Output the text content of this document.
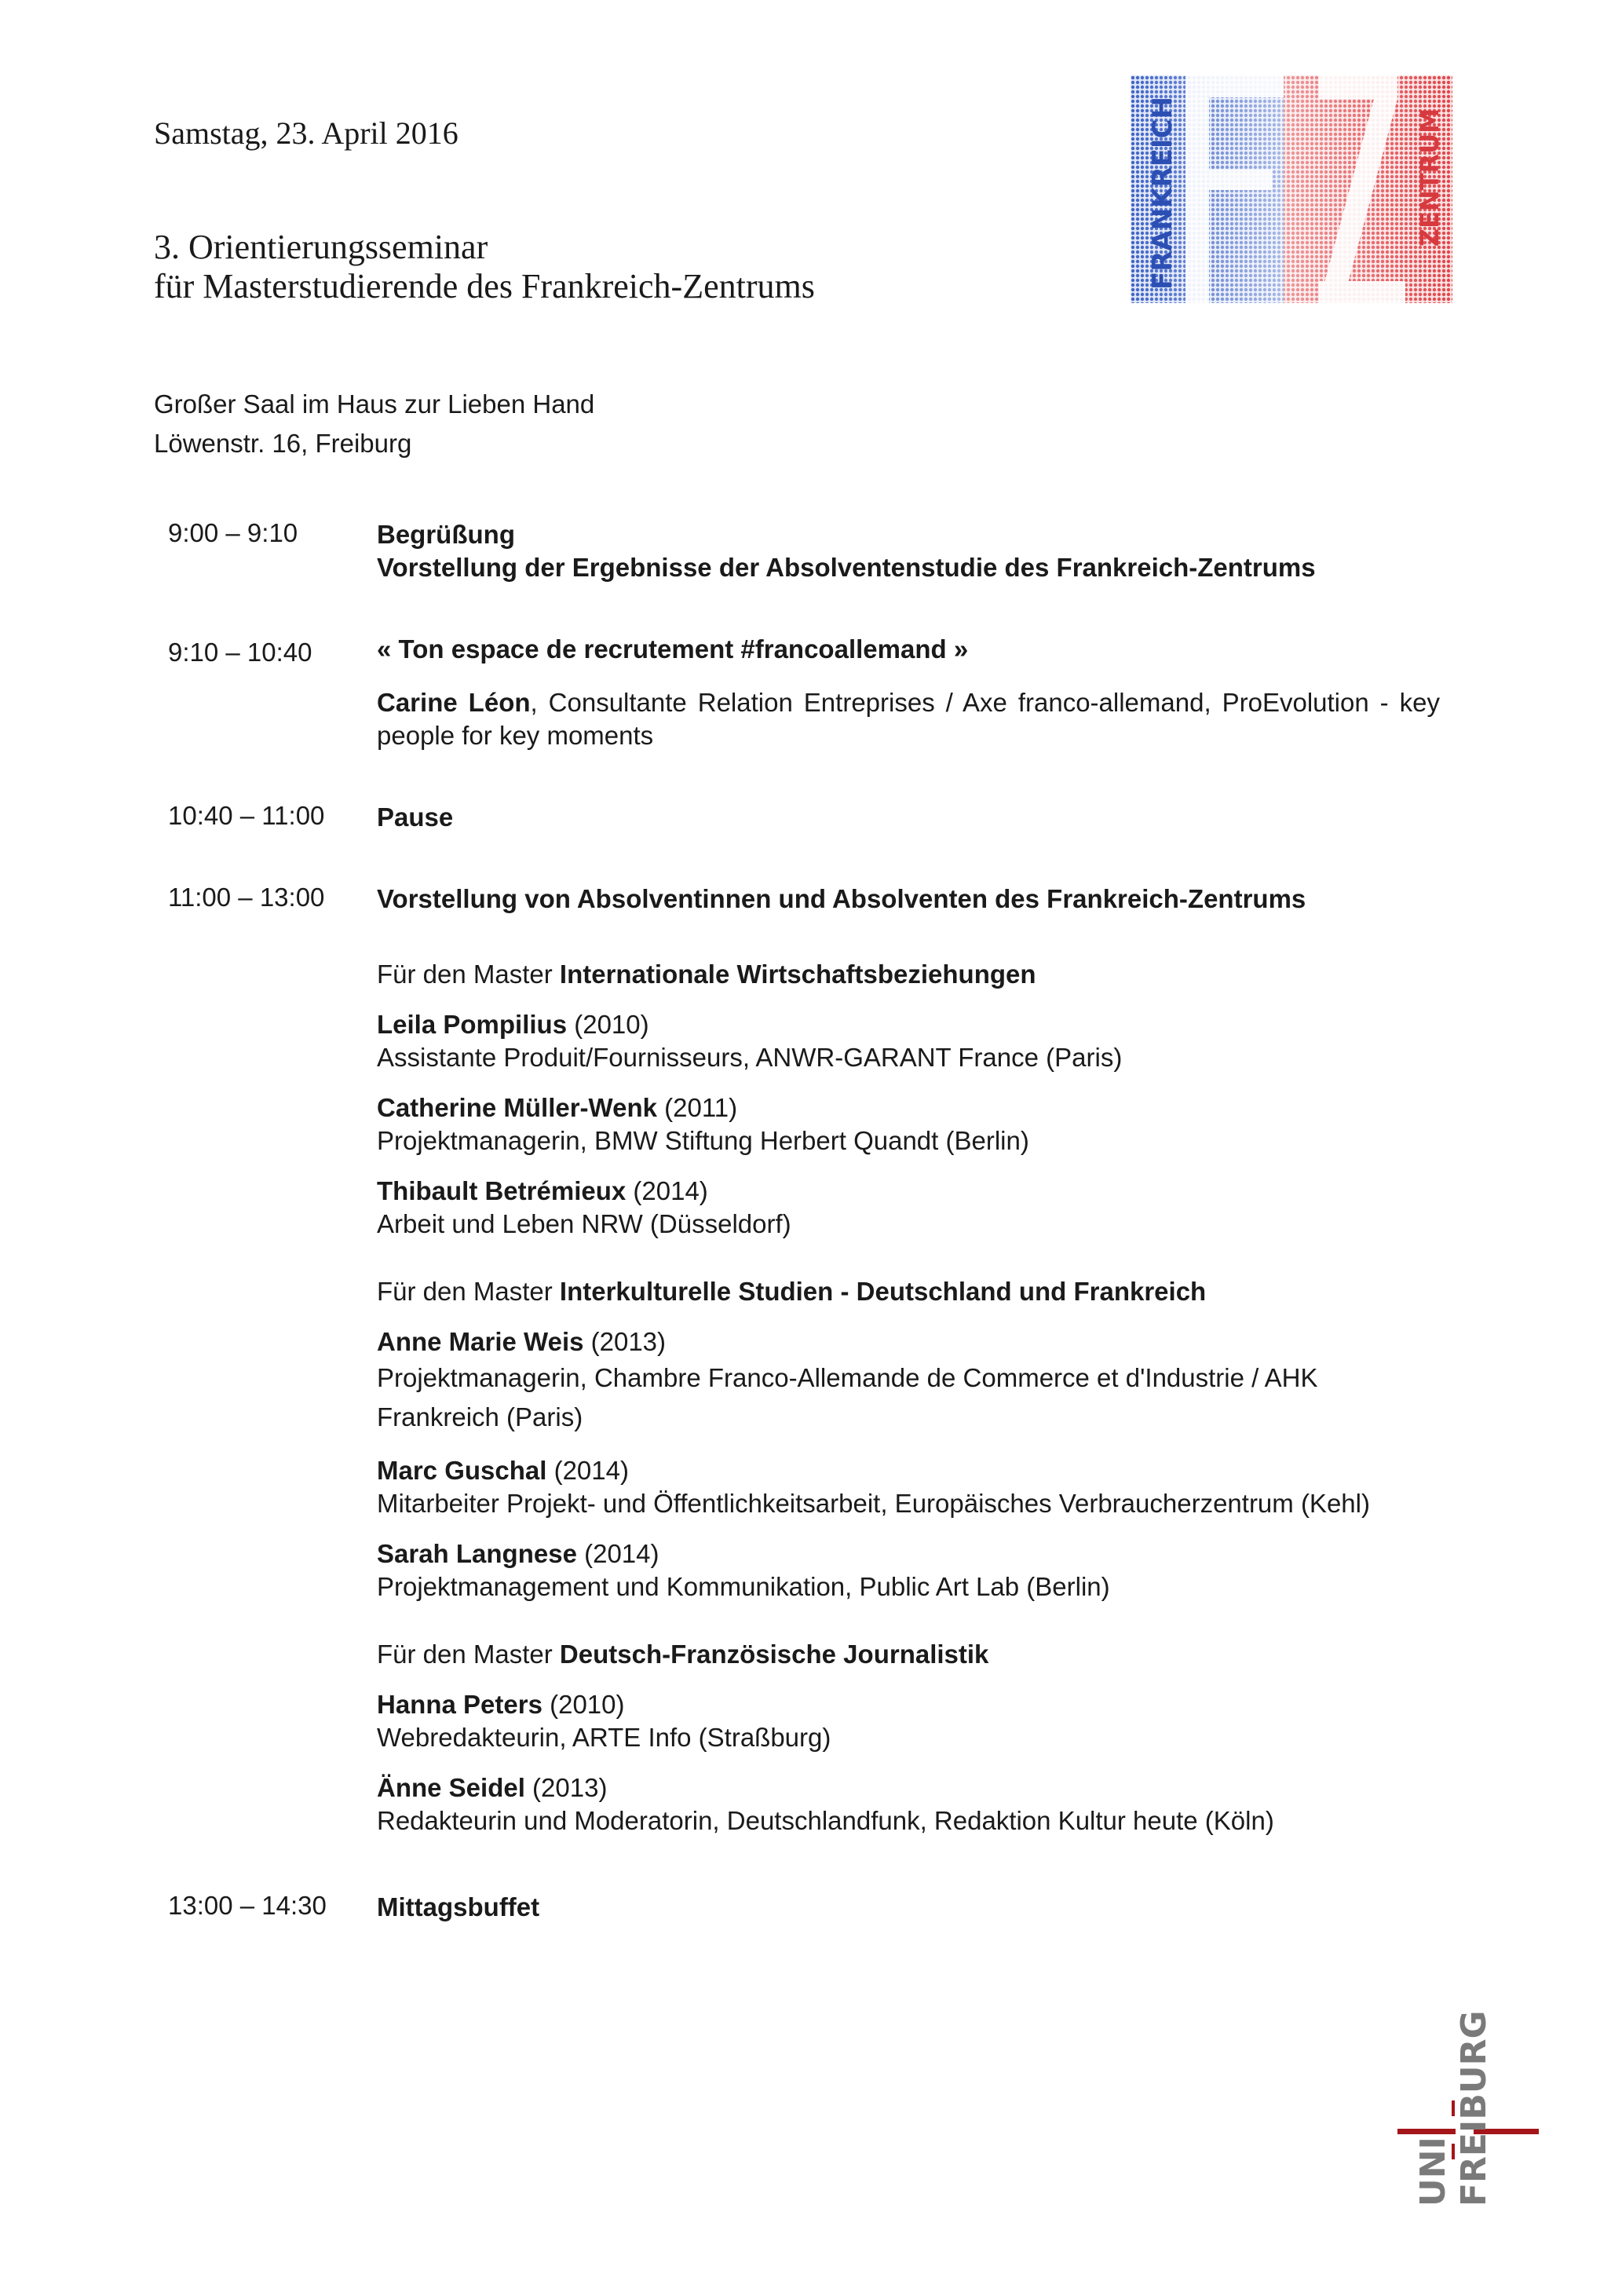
Samstag, 23. April 2016
3. Orientierungsseminar
für Masterstudierende des Frankreich-Zentrums
Großer Saal im Haus zur Lieben Hand
Löwenstr. 16, Freiburg
FRANKREICH	ZENTRUM
9:00 – 9:10	Begrüßung
Vorstellung der Ergebnisse der Absolventenstudie des Frankreich-Zentrums
9:10 – 10:40	« Ton espace de recrutement #francoallemand »
Carine Léon, Consultante Relation Entreprises / Axe franco-allemand, ProEvolution - key people for key moments
10:40 – 11:00	Pause
11:00 – 13:00	Vorstellung von Absolventinnen und Absolventen des Frankreich-Zentrums
Für den Master Internationale Wirtschaftsbeziehungen
Leila Pompilius (2010)
Assistante Produit/Fournisseurs, ANWR-GARANT France (Paris)
Catherine Müller-Wenk (2011)
Projektmanagerin, BMW Stiftung Herbert Quandt (Berlin)
Thibault Betrémieux (2014)
Arbeit und Leben NRW (Düsseldorf)
Für den Master Interkulturelle Studien - Deutschland und Frankreich
Anne Marie Weis (2013)
Projektmanagerin, Chambre Franco-Allemande de Commerce et d'Industrie / AHK Frankreich (Paris)
Marc Guschal (2014)
Mitarbeiter Projekt- und Öffentlichkeitsarbeit, Europäisches Verbraucherzentrum (Kehl)
Sarah Langnese (2014)
Projektmanagement und Kommunikation, Public Art Lab (Berlin)
Für den Master Deutsch-Französische Journalistik
Hanna Peters (2010)
Webredakteurin, ARTE Info (Straßburg)
Änne Seidel (2013)
Redakteurin und Moderatorin, Deutschlandfunk, Redaktion Kultur heute (Köln)
13:00 – 14:30	Mittagsbuffet
UNI FREIBURG
